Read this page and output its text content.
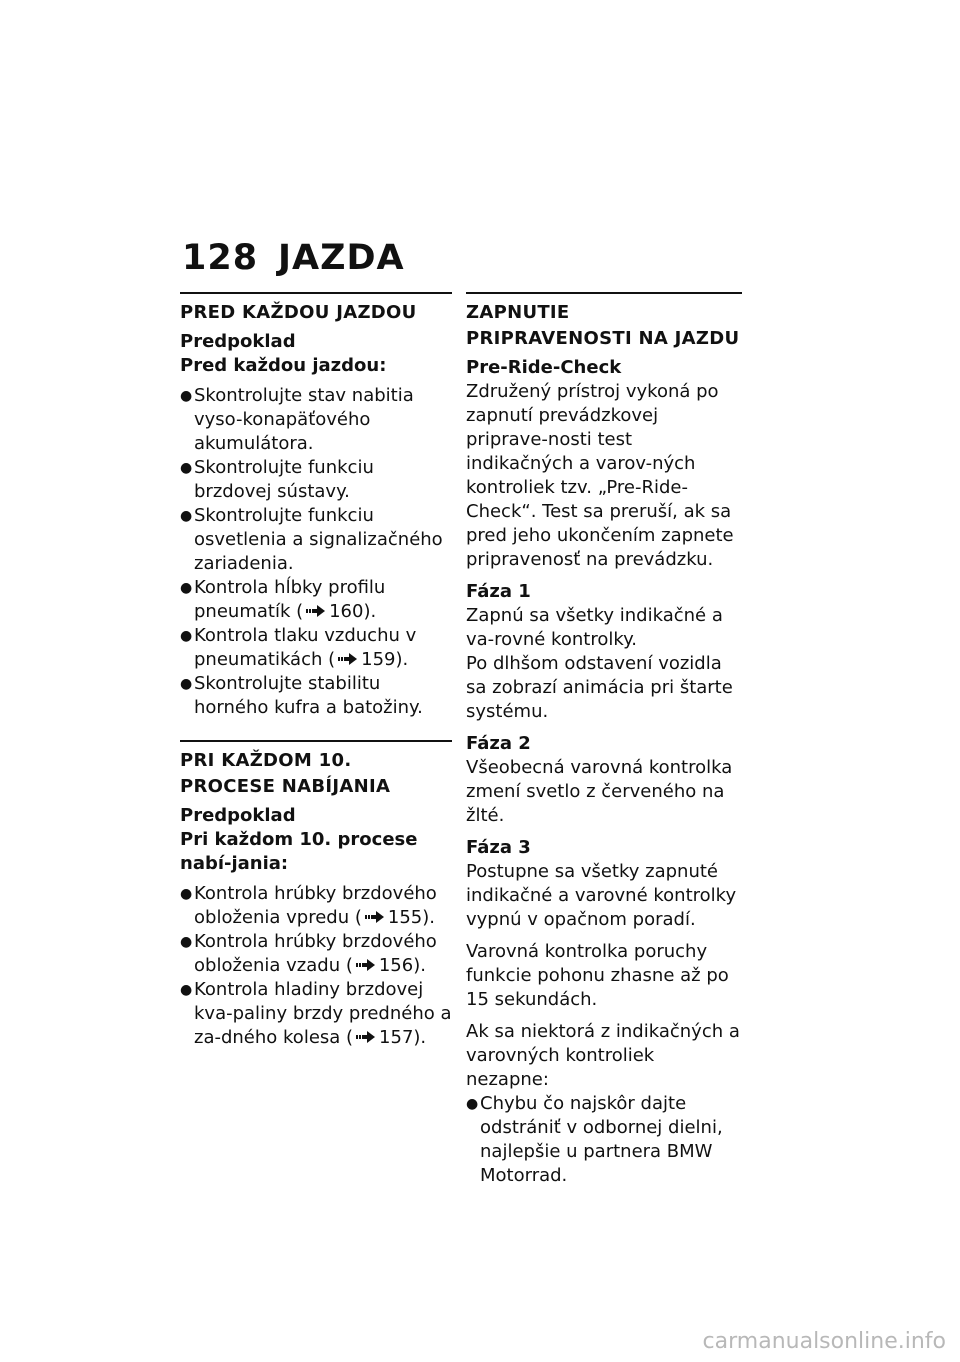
128 JAZDA
PRED KAŽDOU JAZDOU
Predpoklad
Pred každou jazdou:
● Skontrolujte stav nabitia vyso-konapäťového akumulátora.
● Skontrolujte funkciu brzdovej sústavy.
● Skontrolujte funkciu osvetlenia a signalizačného zariadenia.
● Kontrola hĺbky profilu pneumatík ( 160).
● Kontrola tlaku vzduchu v pneumatikách ( 159).
● Skontrolujte stabilitu horného kufra a batožiny.
PRI KAŽDOM 10. PROCESE NABÍJANIA
Predpoklad
Pri každom 10. procese nabí-jania:
● Kontrola hrúbky brzdového obloženia vpredu ( 155).
● Kontrola hrúbky brzdového obloženia vzadu ( 156).
● Kontrola hladiny brzdovej kva-paliny brzdy predného a za-dného kolesa ( 157).
ZAPNUTIE PRIPRAVENOSTI NA JAZDU
Pre-Ride-Check
Združený prístroj vykoná po zapnutí prevádzkovej priprave-nosti test indikačných a varov-ných kontroliek tzv. „Pre-Ride-Check“. Test sa preruší, ak sa pred jeho ukončením zapnete pripravenosť na prevádzku.
Fáza 1
Zapnú sa všetky indikačné a va-rovné kontrolky.
Po dlhšom odstavení vozidla sa zobrazí animácia pri štarte systému.
Fáza 2
Všeobecná varovná kontrolka zmení svetlo z červeného na žlté.
Fáza 3
Postupne sa všetky zapnuté indikačné a varovné kontrolky vypnú v opačnom poradí.
Varovná kontrolka poruchy funkcie pohonu zhasne až po 15 sekundách.
Ak sa niektorá z indikačných a varovných kontroliek nezapne:
● Chybu čo najskôr dajte odstrániť v odbornej dielni, najlepšie u partnera BMW Motorrad.
carmanualsonline.info
